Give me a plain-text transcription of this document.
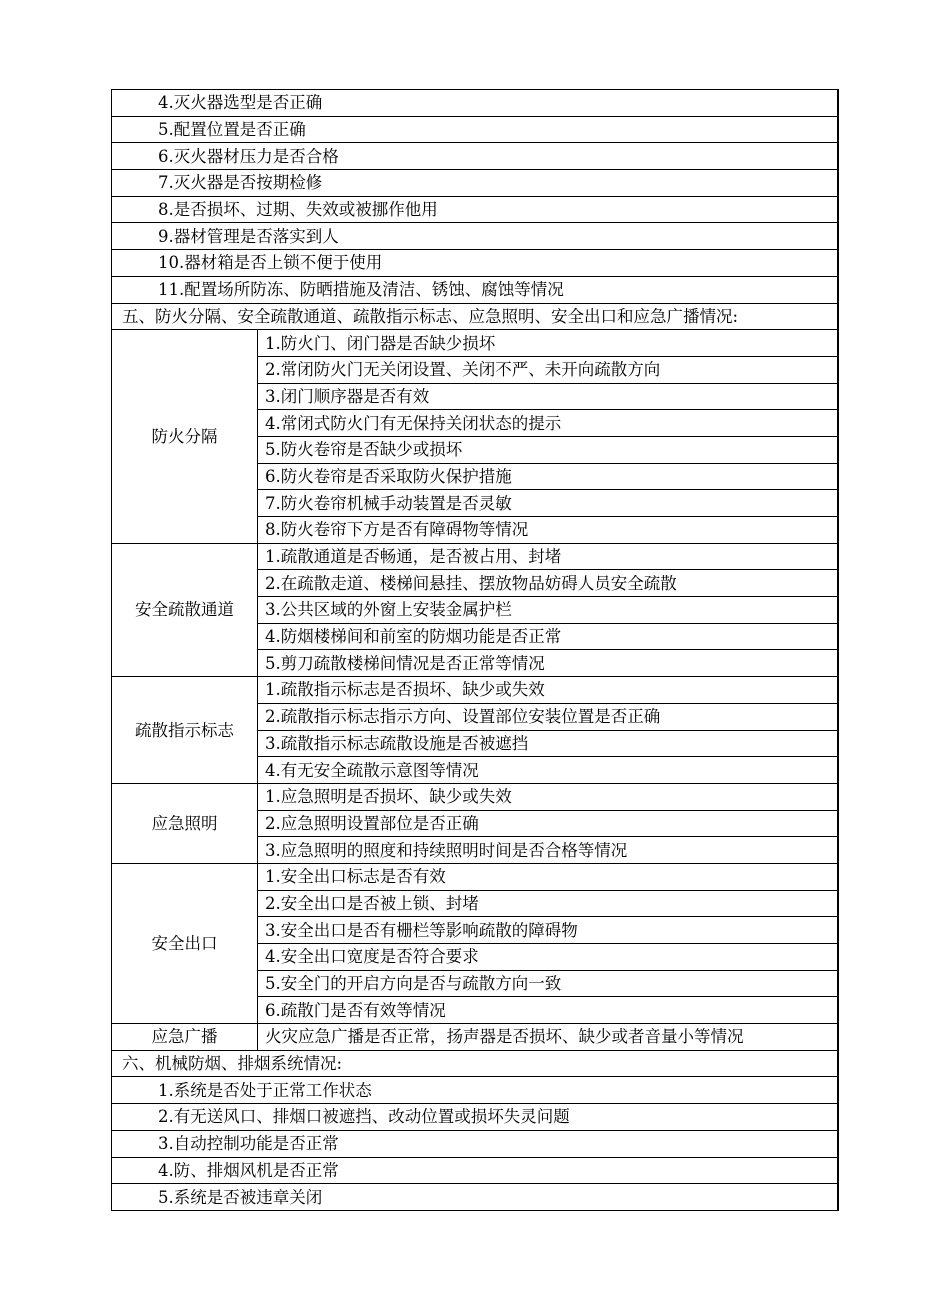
4.灭火器选型是否正确	
5.配置位置是否正确	
6.灭火器材压力是否合格	
7.灭火器是否按期检修	
8.是否损坏、过期、失效或被挪作他用	
9.器材管理是否落实到人	
10.器材箱是否上锁不便于使用	
11.配置场所防冻、防晒措施及清洁、锈蚀、腐蚀等情况	
五、防火分隔、安全疏散通道、疏散指示标志、应急照明、安全出口和应急广播情况:	
防火分隔	1.防火门、闭门器是否缺少损坏
	2.常闭防火门无关闭设置、关闭不严、未开向疏散方向
	3.闭门顺序器是否有效
	4.常闭式防火门有无保持关闭状态的提示
	5.防火卷帘是否缺少或损坏
	6.防火卷帘是否采取防火保护措施
	7.防火卷帘机械手动装置是否灵敏
	8.防火卷帘下方是否有障碍物等情况
安全疏散通道	1.疏散通道是否畅通，是否被占用、封堵
	2.在疏散走道、楼梯间悬挂、摆放物品妨碍人员安全疏散
	3.公共区域的外窗上安装金属护栏
	4.防烟楼梯间和前室的防烟功能是否正常
	5.剪刀疏散楼梯间情况是否正常等情况
疏散指示标志	1.疏散指示标志是否损坏、缺少或失效
	2.疏散指示标志指示方向、设置部位安装位置是否正确
	3.疏散指示标志疏散设施是否被遮挡
	4.有无安全疏散示意图等情况
应急照明	1.应急照明是否损坏、缺少或失效
	2.应急照明设置部位是否正确
	3.应急照明的照度和持续照明时间是否合格等情况
安全出口	1.安全出口标志是否有效
	2.安全出口是否被上锁、封堵
	3.安全出口是否有栅栏等影响疏散的障碍物
	4.安全出口宽度是否符合要求
	5.安全门的开启方向是否与疏散方向一致
	6.疏散门是否有效等情况
应急广播	火灾应急广播是否正常，扬声器是否损坏、缺少或者音量小等情况
六、机械防烟、排烟系统情况:	
1.系统是否处于正常工作状态	
2.有无送风口、排烟口被遮挡、改动位置或损坏失灵问题	
3.自动控制功能是否正常	
4.防、排烟风机是否正常	
5.系统是否被违章关闭	
